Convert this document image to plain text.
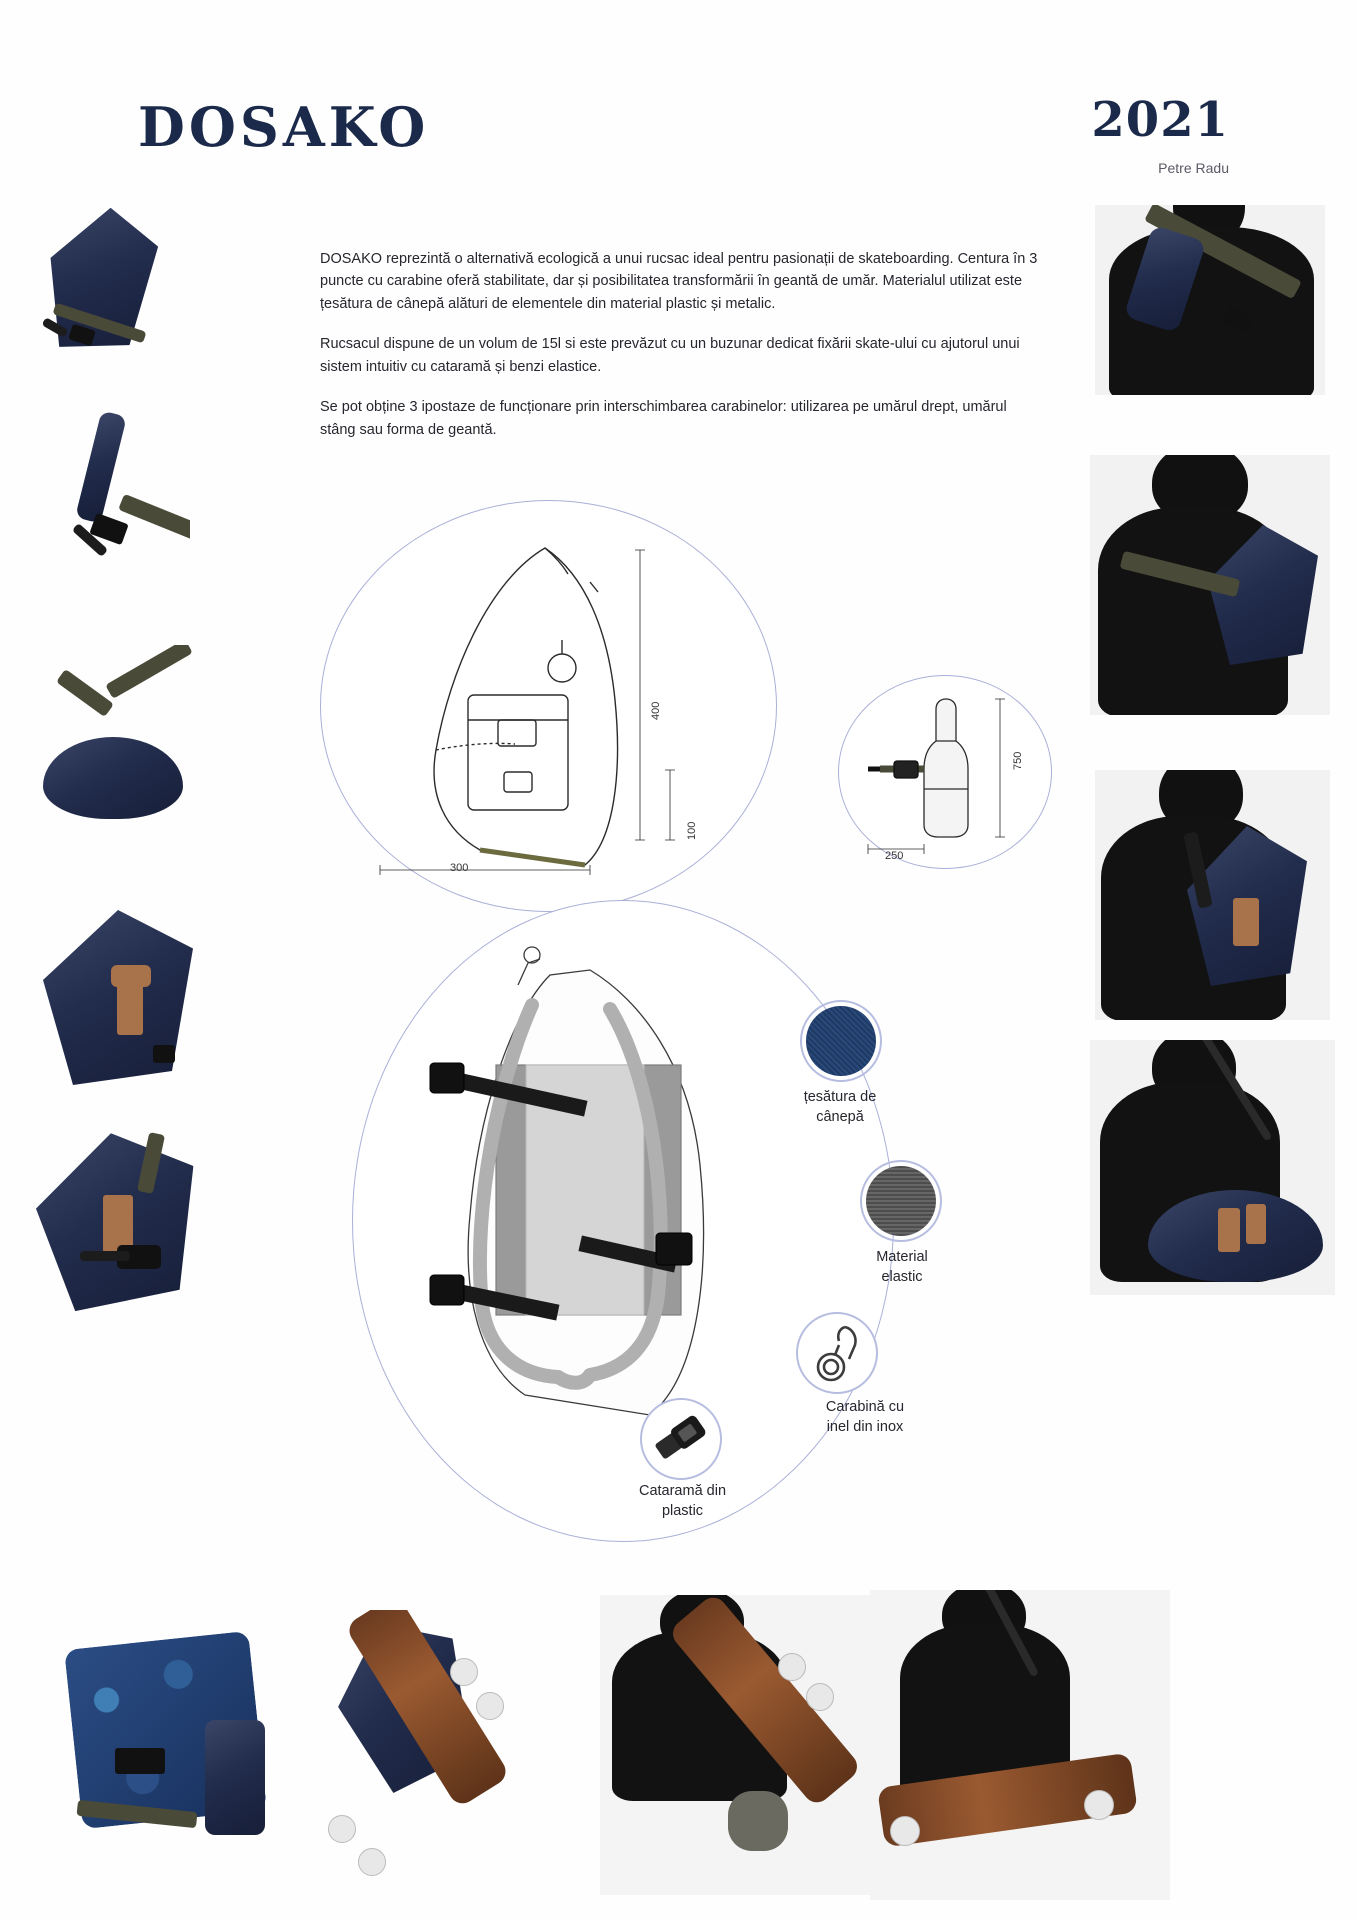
DOSAKO	2021
Petre Radu

DOSAKO reprezintă o alternativă ecologică a unui rucsac ideal pentru pasionații de skateboarding. Centura în 3 puncte cu carabine oferă stabilitate, dar și posibilitatea transformării în geantă de umăr. Materialul utilizat este țesătura de cânepă alături de elementele din material plastic și metalic.

Rucsacul dispune de un volum de 15l si este prevăzut cu un buzunar dedicat fixării skate-ului cu ajutorul unui sistem intuitiv cu cataramă și benzi elastice.

Se pot obține 3 ipostaze de funcționare prin interschimbarea carabinelor: utilizarea pe umărul drept, umărul stâng sau forma de geantă.

400
300
100
750
250
țesătura de
cânepă
Material
elastic
Carabină cu
inel din inox
Cataramă din
plastic
